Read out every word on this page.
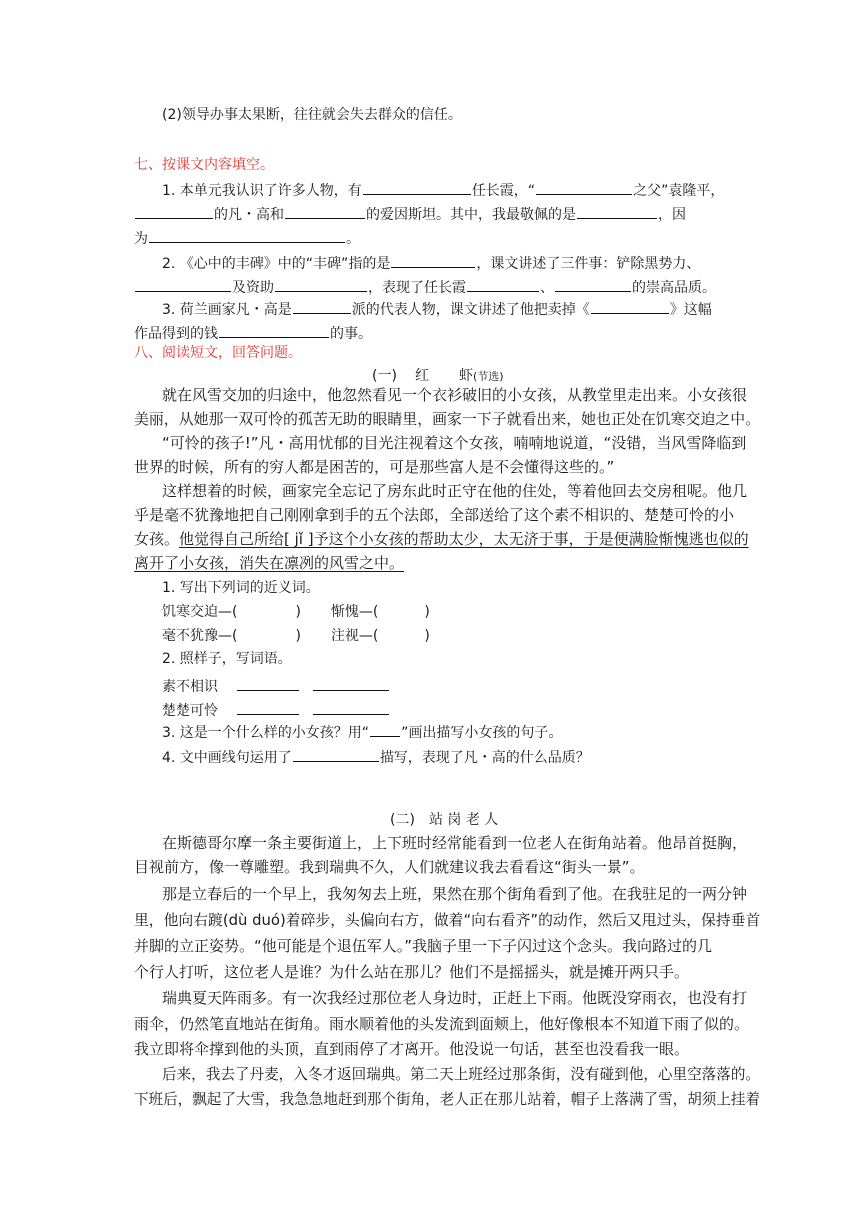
(2)领导办事太果断，往往就会失去群众的信任。
七、按课文内容填空。
1. 本单元我认识了许多人物，有	任长霞，“	之父”袁隆平，
的凡・高和	的爱因斯坦。其中，我最敬佩的是	，因
为	。
2. 《心中的丰碑》中的“丰碑”指的是	，课文讲述了三件事：铲除黑势力、
及资助	，表现了任长霞	、	的崇高品质。
3. 荷兰画家凡・高是	派的代表人物，课文讲述了他把卖掉《	》这幅
作品得到的钱	的事。
八、阅读短文，回答问题。
(一) 红 虾(节选)
就在风雪交加的归途中，他忽然看见一个衣衫破旧的小女孩，从教堂里走出来。小女孩很
美丽，从她那一双可怜的孤苦无助的眼睛里，画家一下子就看出来，她也正处在饥寒交迫之中。
“可怜的孩子!”凡・高用忧郁的目光注视着这个女孩，喃喃地说道，“没错，当风雪降临到
世界的时候，所有的穷人都是困苦的，可是那些富人是不会懂得这些的。”
这样想着的时候，画家完全忘记了房东此时正守在他的住处，等着他回去交房租呢。他几
乎是毫不犹豫地把自己刚刚拿到手的五个法郎，全部送给了这个素不相识的、楚楚可怜的小
女孩。他觉得自己所给[ jǐ ]予这个小女孩的帮助太少，太无济于事，于是便满脸惭愧逃也似的
离开了小女孩，消失在凛冽的风雪之中。
1. 写出下列词的近义词。
饥寒交迫—(	) 惭愧—(	)
毫不犹豫—(	) 注视—(	)
2. 照样子，写词语。
素不相识
楚楚可怜
3. 这是一个什么样的小女孩？用“ ”画出描写小女孩的句子。
4. 文中画线句运用了	描写，表现了凡・高的什么品质？
(二) 站 岗 老 人
在斯德哥尔摩一条主要街道上，上下班时经常能看到一位老人在街角站着。他昂首挺胸，
目视前方，像一尊雕塑。我到瑞典不久，人们就建议我去看看这“街头一景”。
那是立春后的一个早上，我匆匆去上班，果然在那个街角看到了他。在我驻足的一两分钟
里，他向右踱(dù duó)着碎步，头偏向右方，做着“向右看齐”的动作，然后又甩过头，保持垂首
并脚的立正姿势。“他可能是个退伍军人。”我脑子里一下子闪过这个念头。我向路过的几
个行人打听，这位老人是谁？为什么站在那儿？他们不是摇摇头，就是摊开两只手。
瑞典夏天阵雨多。有一次我经过那位老人身边时，正赶上下雨。他既没穿雨衣，也没有打
雨伞，仍然笔直地站在街角。雨水顺着他的头发流到面颊上，他好像根本不知道下雨了似的。
我立即将伞撑到他的头顶，直到雨停了才离开。他没说一句话，甚至也没看我一眼。
后来，我去了丹麦，入冬才返回瑞典。第二天上班经过那条街，没有碰到他，心里空落落的。
下班后，飘起了大雪，我急急地赶到那个街角，老人正在那儿站着，帽子上落满了雪，胡须上挂着
